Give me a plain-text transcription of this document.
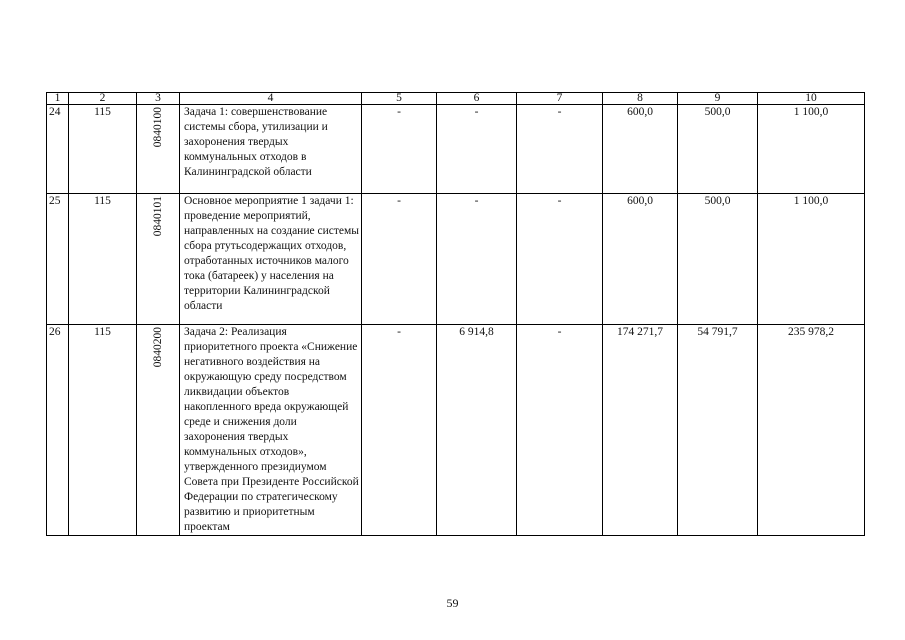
1	2	3	4	5	6	7	8	9	10
24	115	0840100	Задача 1: совершенствование системы сбора, утилизации и захоронения твердых коммунальных отходов в Калининградской области	-	-	-	600,0	500,0	1 100,0
25	115	0840101	Основное мероприятие 1 задачи 1: проведение мероприятий, направленных на создание системы сбора ртутьсодержащих отходов, отработанных источников малого тока (батареек) у населения на территории Калининградской области	-	-	-	600,0	500,0	1 100,0
26	115	0840200	Задача 2: Реализация приоритетного проекта «Снижение негативного воздействия на окружающую среду посредством ликвидации объектов накопленного вреда окружающей среде и снижения доли захоронения твердых коммунальных отходов», утвержденного президиумом Совета при Президенте Российской Федерации по стратегическому развитию и приоритетным проектам	-	6 914,8	-	174 271,7	54 791,7	235 978,2
59
